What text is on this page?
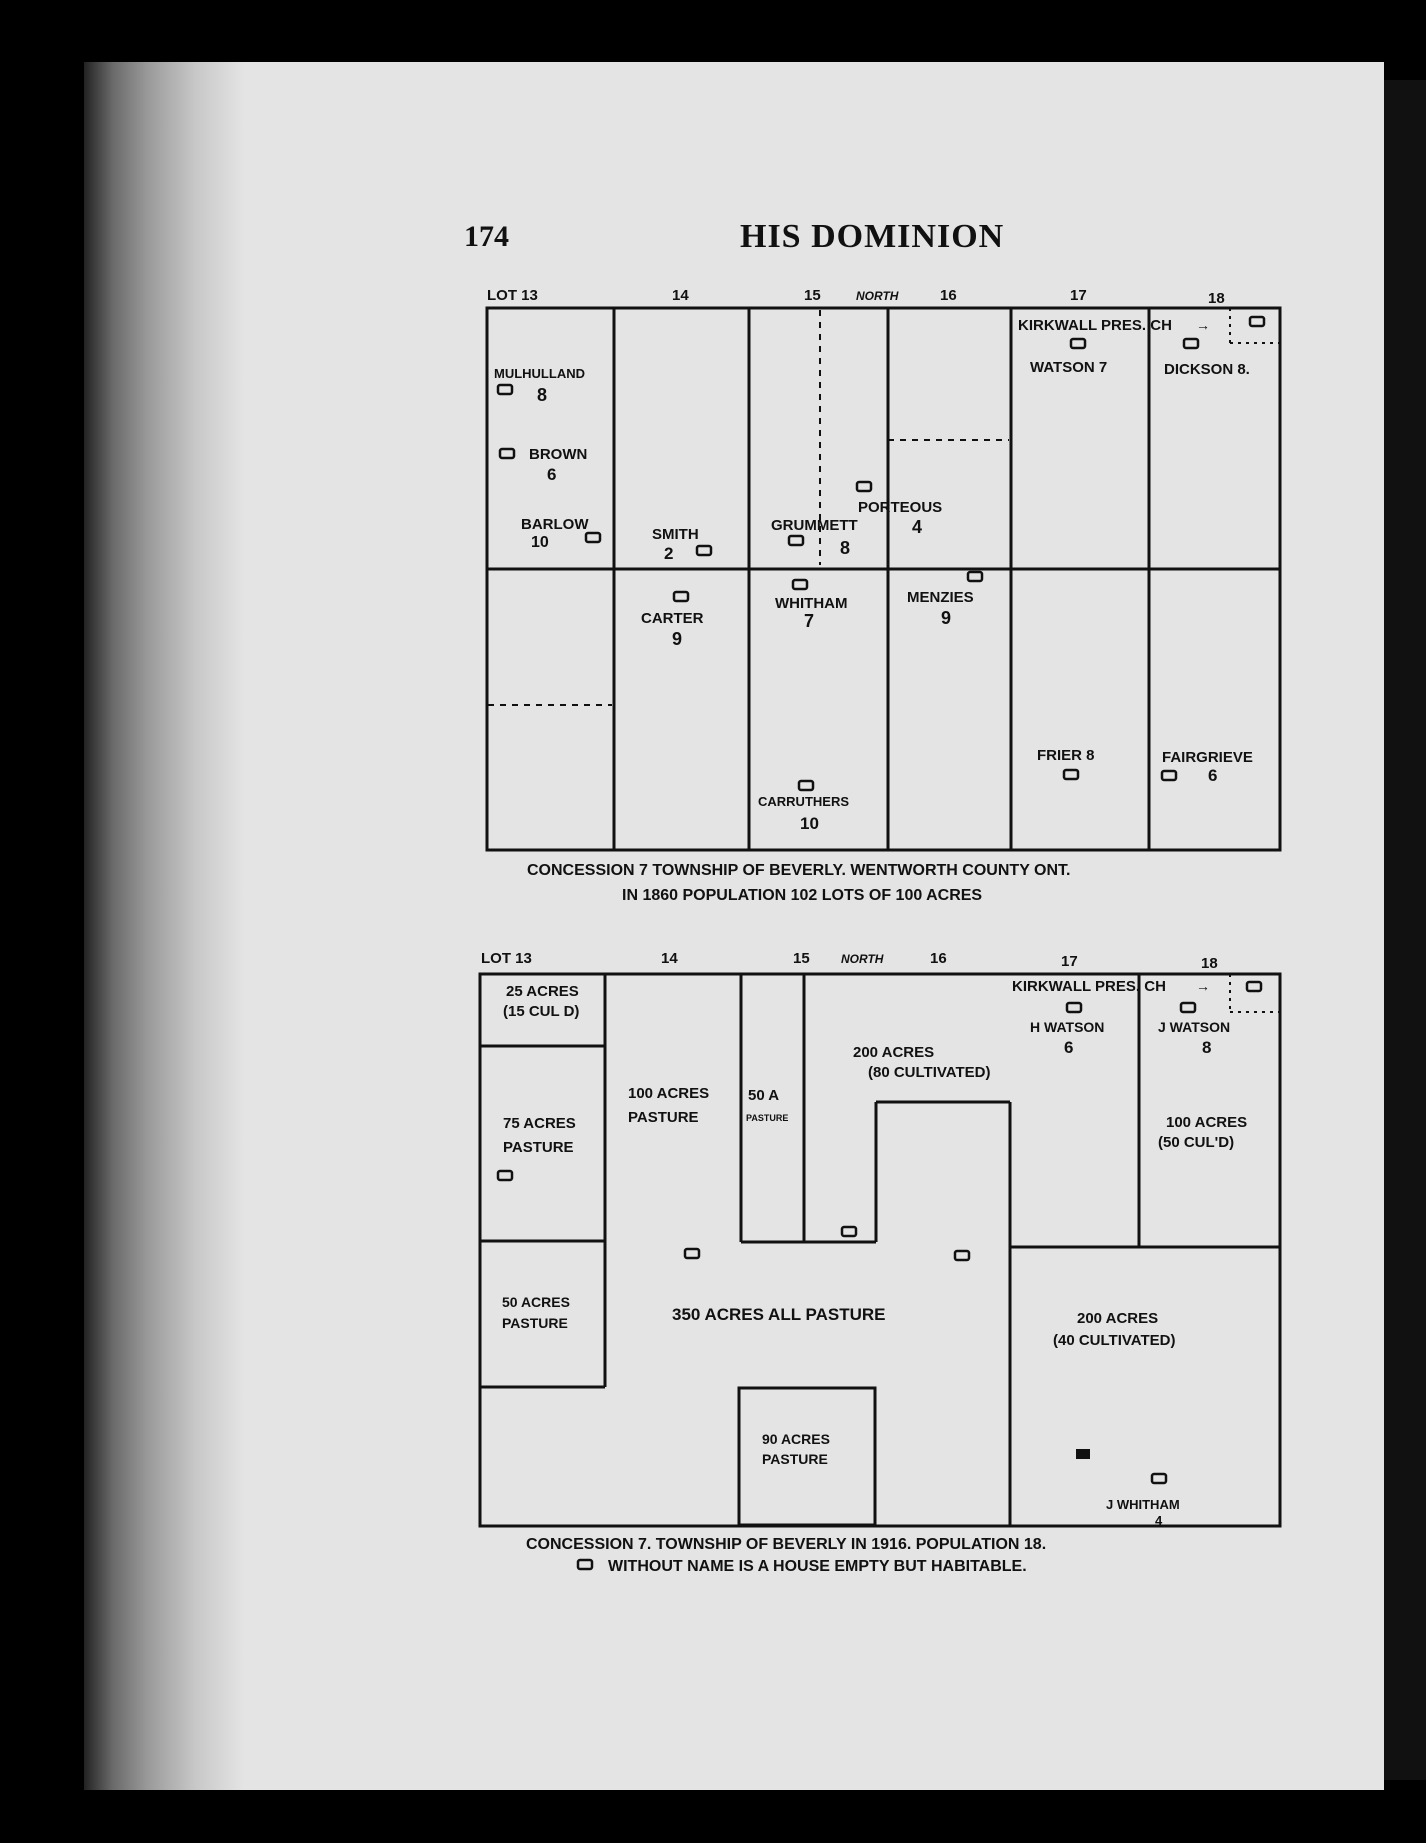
174	HIS DOMINION
LOT 13	14	15	NORTH	16	17	18
KIRKWALL PRES. CH →
MULHULLAND
8
BROWN
6
BARLOW
10	SMITH
2
GRUMMETT
8
PORTEOUS
4
WATSON 7	DICKSON 8.
CARTER
9
WHITHAM
7
MENZIES
9
CARRUTHERS
10
FRIER 8	FAIRGRIEVE
6
CONCESSION 7 TOWNSHIP OF BEVERLY. WENTWORTH COUNTY ONT.
IN 1860 POPULATION 102 LOTS OF 100 ACRES
LOT 13	14	15	NORTH	16	17	18
KIRKWALL PRES. CH →
25 ACRES
(15 CUL D)
75 ACRES
PASTURE
100 ACRES
PASTURE
50 A
PASTURE
200 ACRES
(80 CULTIVATED)
H WATSON
6
J WATSON
8
100 ACRES
(50 CUL'D)
50 ACRES
PASTURE	350 ACRES ALL PASTURE	200 ACRES
(40 CULTIVATED)
90 ACRES
PASTURE
J WHITHAM
4
CONCESSION 7. TOWNSHIP OF BEVERLY IN 1916. POPULATION 18.
WITHOUT NAME IS A HOUSE EMPTY BUT HABITABLE.
